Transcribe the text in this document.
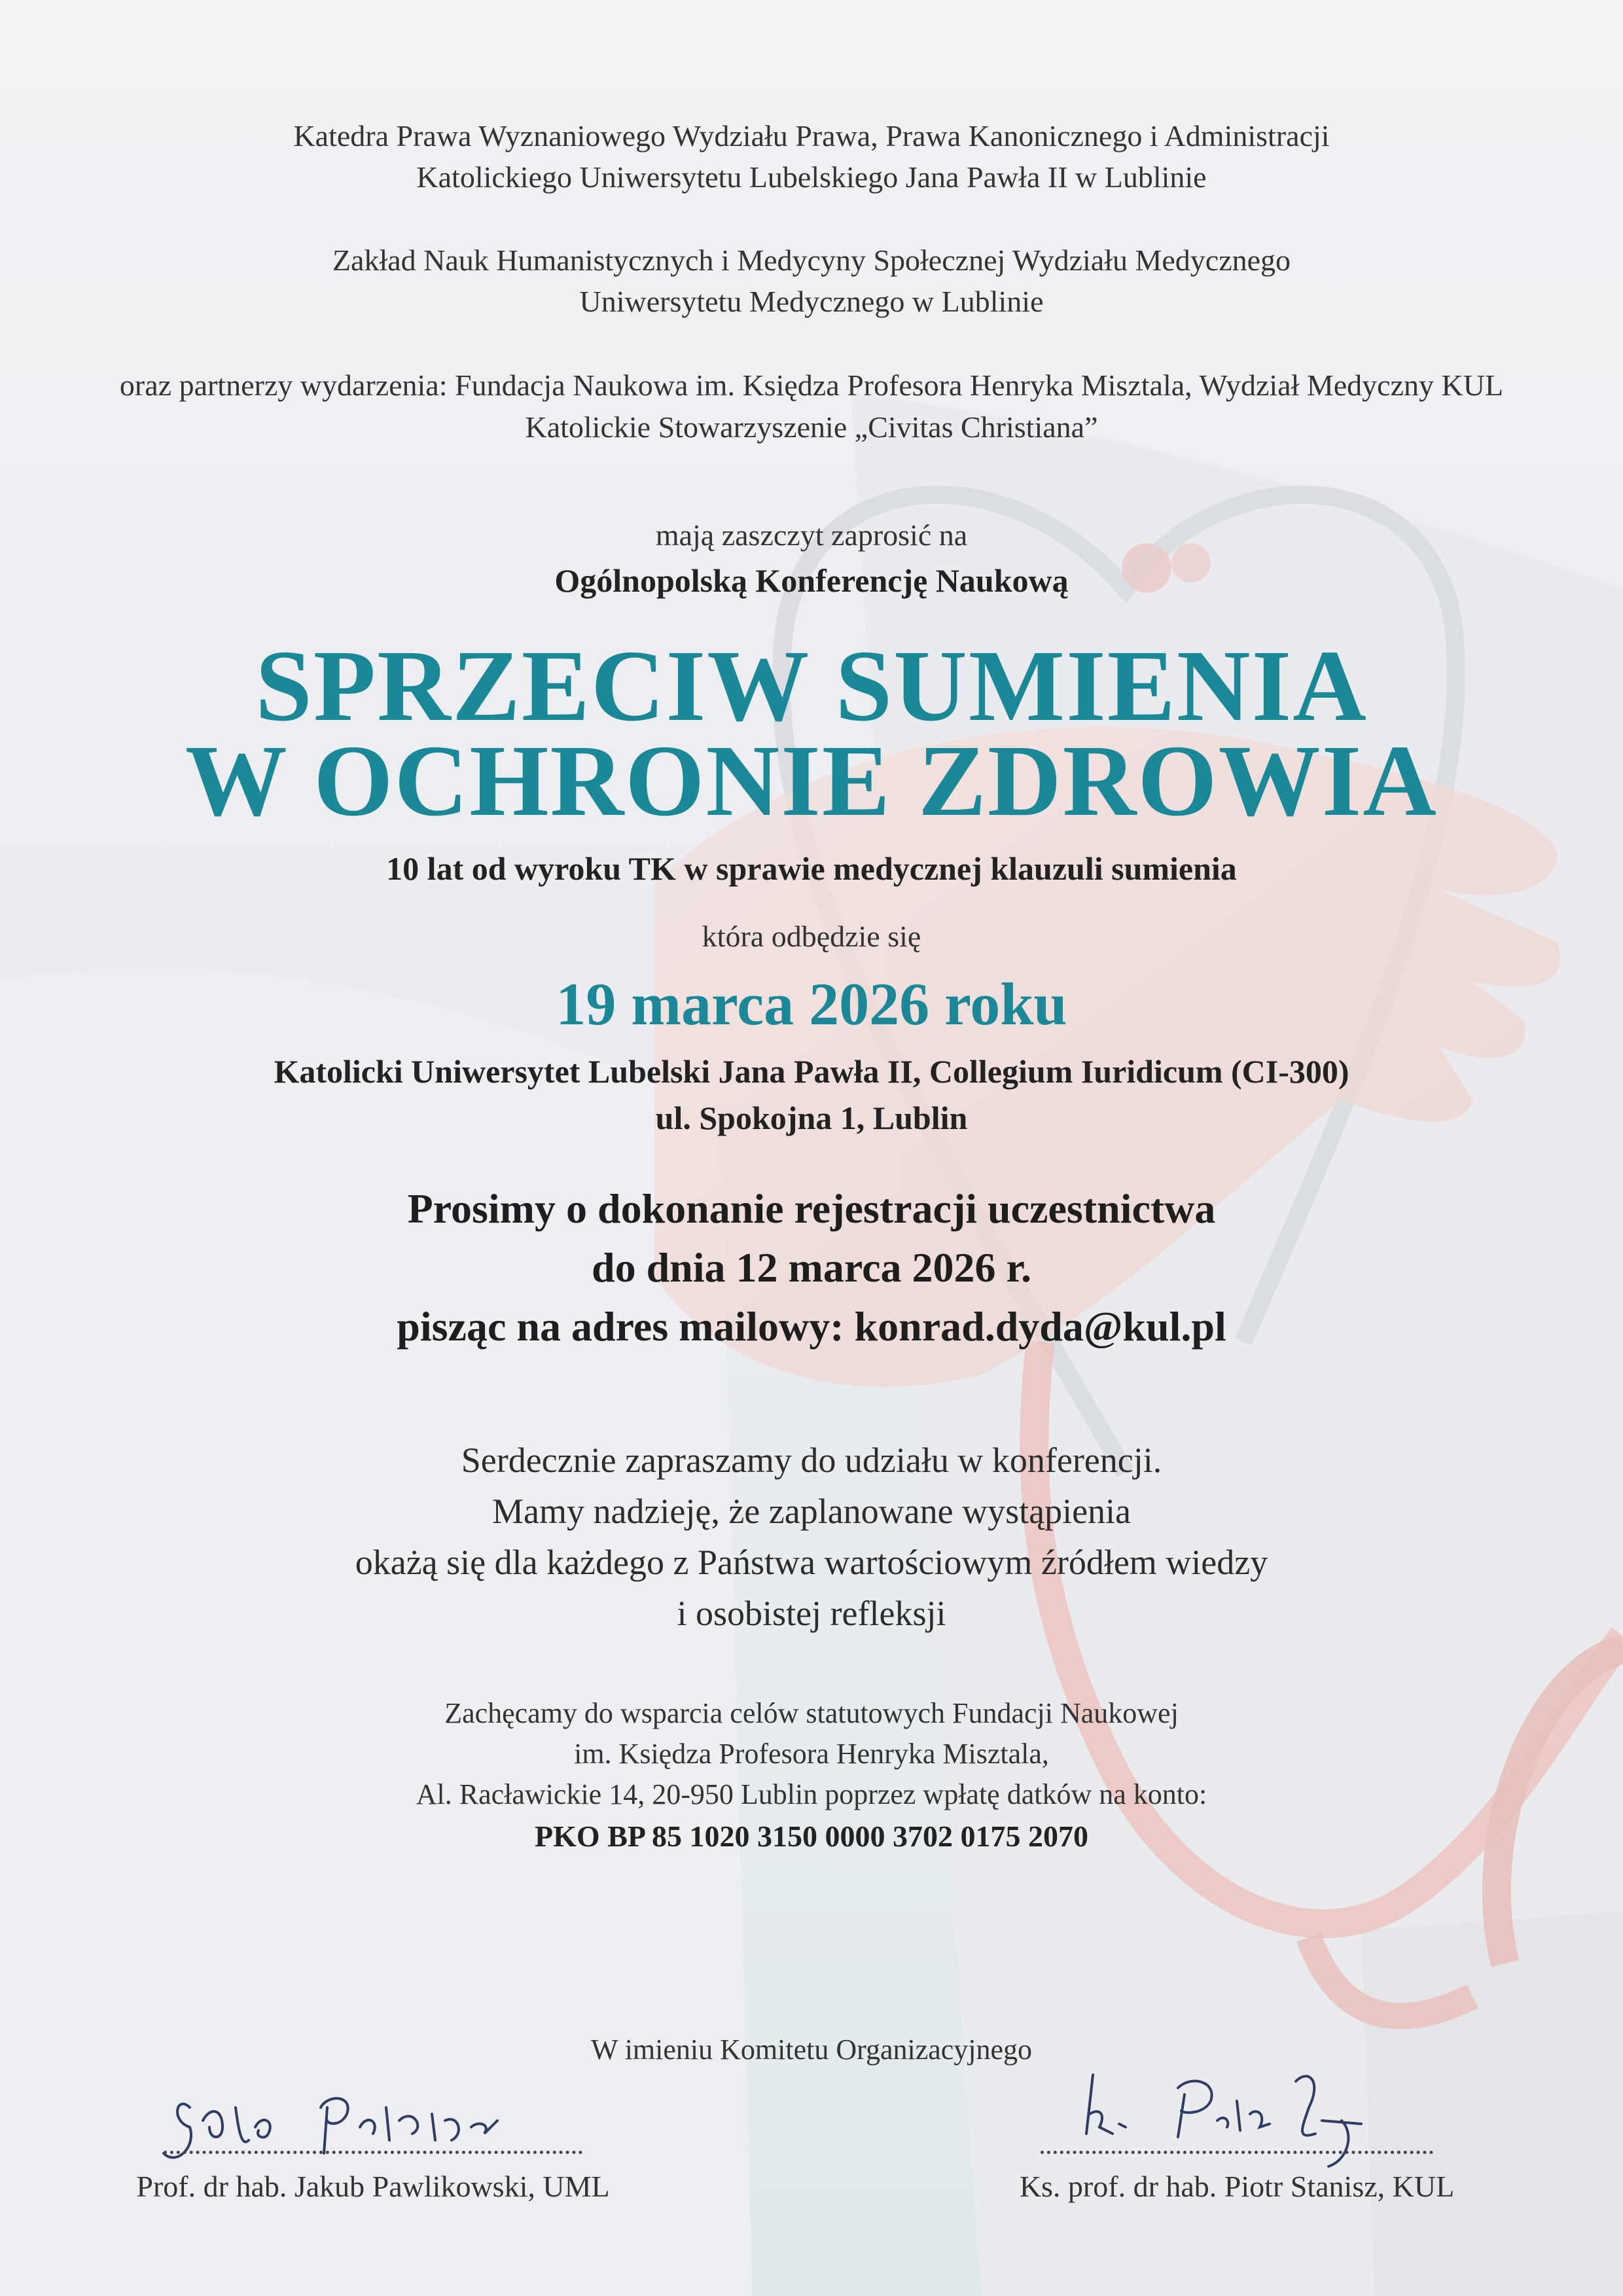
Katedra Prawa Wyznaniowego Wydziału Prawa, Prawa Kanonicznego i Administracji
Katolickiego Uniwersytetu Lubelskiego Jana Pawła II w Lublinie
Zakład Nauk Humanistycznych i Medycyny Społecznej Wydziału Medycznego
Uniwersytetu Medycznego w Lublinie
oraz partnerzy wydarzenia: Fundacja Naukowa im. Księdza Profesora Henryka Misztala, Wydział Medyczny KUL
Katolickie Stowarzyszenie „Civitas Christiana”
mają zaszczyt zaprosić na
Ogólnopolską Konferencję Naukową
SPRZECIW SUMIENIA
W OCHRONIE ZDROWIA
10 lat od wyroku TK w sprawie medycznej klauzuli sumienia
która odbędzie się
19 marca 2026 roku
Katolicki Uniwersytet Lubelski Jana Pawła II, Collegium Iuridicum (CI-300)
ul. Spokojna 1, Lublin
Prosimy o dokonanie rejestracji uczestnictwa
do dnia 12 marca 2026 r.
pisząc na adres mailowy: konrad.dyda@kul.pl
Serdecznie zapraszamy do udziału w konferencji.
Mamy nadzieję, że zaplanowane wystąpienia
okażą się dla każdego z Państwa wartościowym źródłem wiedzy
i osobistej refleksji
Zachęcamy do wsparcia celów statutowych Fundacji Naukowej
im. Księdza Profesora Henryka Misztala,
Al. Racławickie 14, 20-950 Lublin poprzez wpłatę datków na konto:
PKO BP 85 1020 3150 0000 3702 0175 2070
W imieniu Komitetu Organizacyjnego
Prof. dr hab. Jakub Pawlikowski, UML	Ks. prof. dr hab. Piotr Stanisz, KUL
